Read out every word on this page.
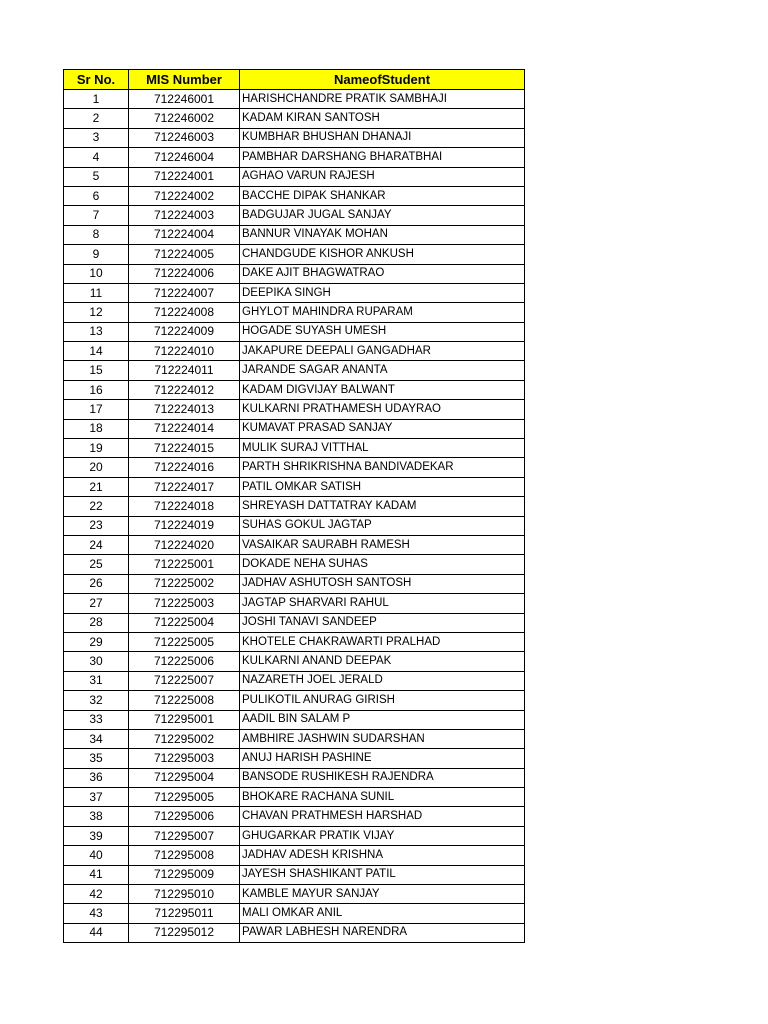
Sr No.	MIS Number	NameofStudent
1	712246001	HARISHCHANDRE PRATIK SAMBHAJI
2	712246002	KADAM KIRAN SANTOSH
3	712246003	KUMBHAR BHUSHAN DHANAJI
4	712246004	PAMBHAR DARSHANG BHARATBHAI
5	712224001	AGHAO VARUN RAJESH
6	712224002	BACCHE DIPAK SHANKAR
7	712224003	BADGUJAR JUGAL SANJAY
8	712224004	BANNUR VINAYAK MOHAN
9	712224005	CHANDGUDE KISHOR ANKUSH
10	712224006	DAKE AJIT BHAGWATRAO
11	712224007	DEEPIKA SINGH
12	712224008	GHYLOT MAHINDRA RUPARAM
13	712224009	HOGADE SUYASH UMESH
14	712224010	JAKAPURE DEEPALI GANGADHAR
15	712224011	JARANDE SAGAR ANANTA
16	712224012	KADAM DIGVIJAY BALWANT
17	712224013	KULKARNI PRATHAMESH UDAYRAO
18	712224014	KUMAVAT PRASAD SANJAY
19	712224015	MULIK SURAJ VITTHAL
20	712224016	PARTH SHRIKRISHNA BANDIVADEKAR
21	712224017	PATIL OMKAR SATISH
22	712224018	SHREYASH DATTATRAY KADAM
23	712224019	SUHAS GOKUL JAGTAP
24	712224020	VASAIKAR SAURABH RAMESH
25	712225001	DOKADE NEHA SUHAS
26	712225002	JADHAV ASHUTOSH SANTOSH
27	712225003	JAGTAP SHARVARI RAHUL
28	712225004	JOSHI TANAVI SANDEEP
29	712225005	KHOTELE CHAKRAWARTI PRALHAD
30	712225006	KULKARNI ANAND DEEPAK
31	712225007	NAZARETH JOEL JERALD
32	712225008	PULIKOTIL ANURAG GIRISH
33	712295001	AADIL BIN SALAM P
34	712295002	AMBHIRE JASHWIN SUDARSHAN
35	712295003	ANUJ HARISH PASHINE
36	712295004	BANSODE RUSHIKESH RAJENDRA
37	712295005	BHOKARE RACHANA SUNIL
38	712295006	CHAVAN PRATHMESH HARSHAD
39	712295007	GHUGARKAR PRATIK VIJAY
40	712295008	JADHAV ADESH KRISHNA
41	712295009	JAYESH SHASHIKANT PATIL
42	712295010	KAMBLE MAYUR SANJAY
43	712295011	MALI OMKAR ANIL
44	712295012	PAWAR LABHESH NARENDRA
